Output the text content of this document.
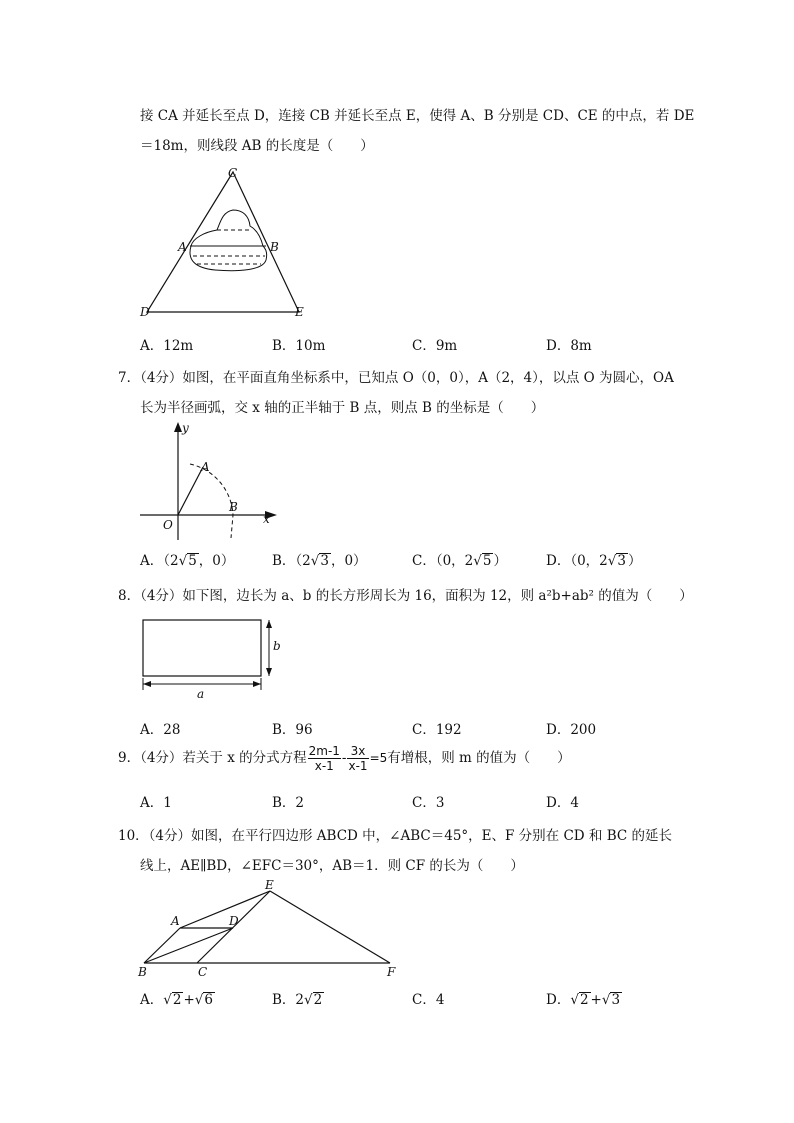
接 CA 并延长至点 D，连接 CB 并延长至点 E，使得 A、B 分别是 CD、CE 的中点，若 DE
＝18m，则线段 AB 的长度是（　　）
C
A	B
D	E
A．12m	B．10m	C．9m	D．8m
7．（4分）如图，在平面直角坐标系中，已知点 O（0，0），A（2，4），以点 O 为圆心，OA
长为半径画弧，交 x 轴的正半轴于 B 点，则点 B 的坐标是（　　）
y
x
O
A
B
A．（2√5 ，0）	B．（2√3 ，0）	C．（0，2√5 ）	D．（0，2√3 ）
8．（4分）如下图，边长为 a、b 的长方形周长为 16，面积为 12，则 a²b+ab² 的值为（　　）
a
b
A．28	B．96	C．192	D．200
9．（4分）若关于 x 的分式方程 $\frac{2m-1}{x-1} - \frac{3x}{x-1} =5$有增根，则 m 的值为（　　）
A．1	B．2	C．3	D．4
10．（4分）如图，在平行四边形 ABCD 中，∠ABC＝45°，E、F 分别在 CD 和 BC 的延长
线上，AE∥BD，∠EFC＝30°，AB＝1．则 CF 的长为（　　）
E
A	D
B	C	F
A．√2 +√6	B．2√2	C．4	D．√2 +√3
